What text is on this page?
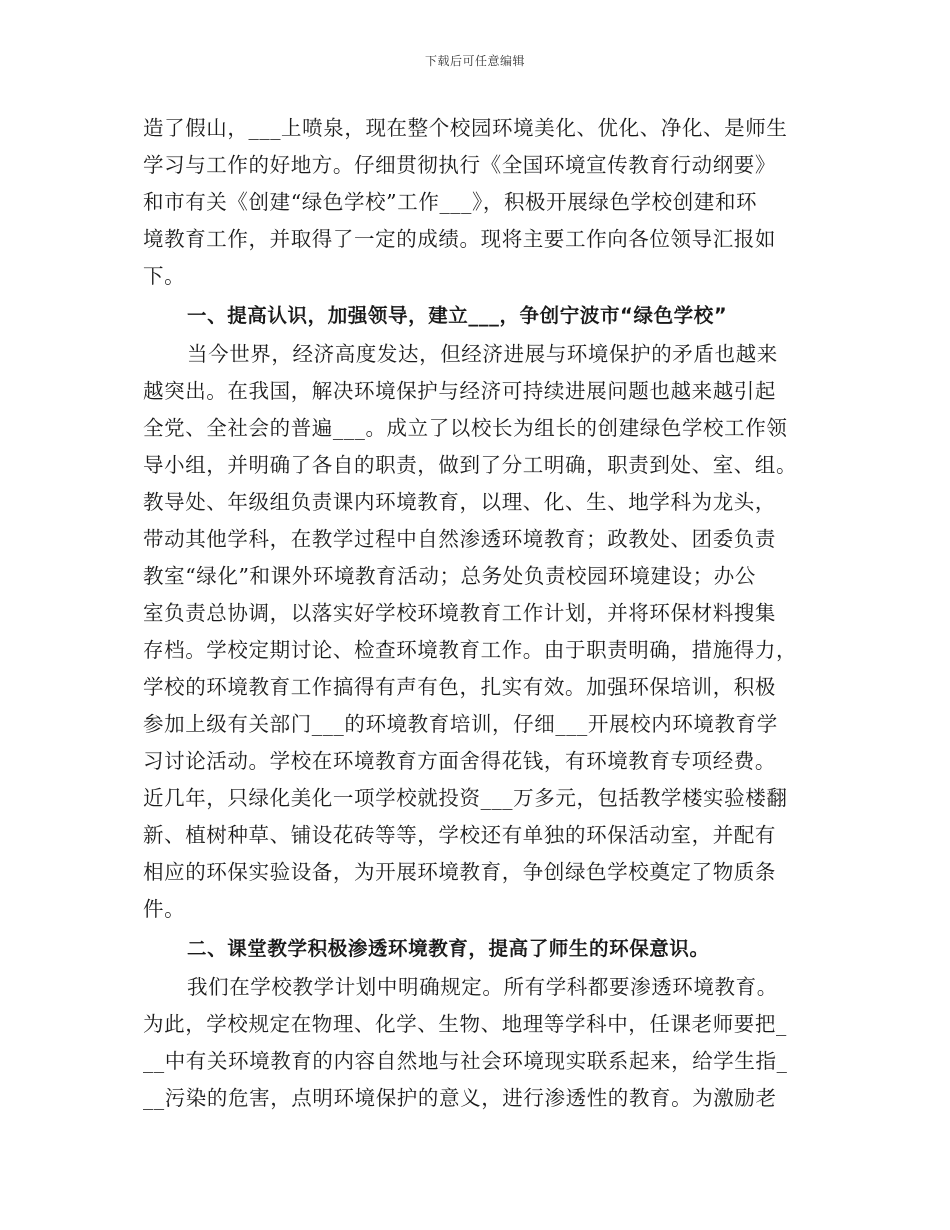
下载后可任意编辑
造了假山，___上喷泉，现在整个校园环境美化、优化、净化、是师生
学习与工作的好地方。仔细贯彻执行《全国环境宣传教育行动纲要》
和市有关《创建“绿色学校”工作___》，积极开展绿色学校创建和环
境教育工作，并取得了一定的成绩。现将主要工作向各位领导汇报如
下。
一、提高认识，加强领导，建立___，争创宁波市“绿色学校”
当今世界，经济高度发达，但经济进展与环境保护的矛盾也越来
越突出。在我国，解决环境保护与经济可持续进展问题也越来越引起
全党、全社会的普遍___。成立了以校长为组长的创建绿色学校工作领
导小组，并明确了各自的职责，做到了分工明确，职责到处、室、组。
教导处、年级组负责课内环境教育，以理、化、生、地学科为龙头，
带动其他学科，在教学过程中自然渗透环境教育；政教处、团委负责
教室“绿化”和课外环境教育活动；总务处负责校园环境建设；办公
室负责总协调，以落实好学校环境教育工作计划，并将环保材料搜集
存档。学校定期讨论、检查环境教育工作。由于职责明确，措施得力，
学校的环境教育工作搞得有声有色，扎实有效。加强环保培训，积极
参加上级有关部门___的环境教育培训，仔细___开展校内环境教育学
习讨论活动。学校在环境教育方面舍得花钱，有环境教育专项经费。
近几年，只绿化美化一项学校就投资___万多元，包括教学楼实验楼翻
新、植树种草、铺设花砖等等，学校还有单独的环保活动室，并配有
相应的环保实验设备，为开展环境教育，争创绿色学校奠定了物质条
件。
二、课堂教学积极渗透环境教育，提高了师生的环保意识。
我们在学校教学计划中明确规定。所有学科都要渗透环境教育。
为此，学校规定在物理、化学、生物、地理等学科中，任课老师要把_
__中有关环境教育的内容自然地与社会环境现实联系起来，给学生指_
__污染的危害，点明环境保护的意义，进行渗透性的教育。为激励老
